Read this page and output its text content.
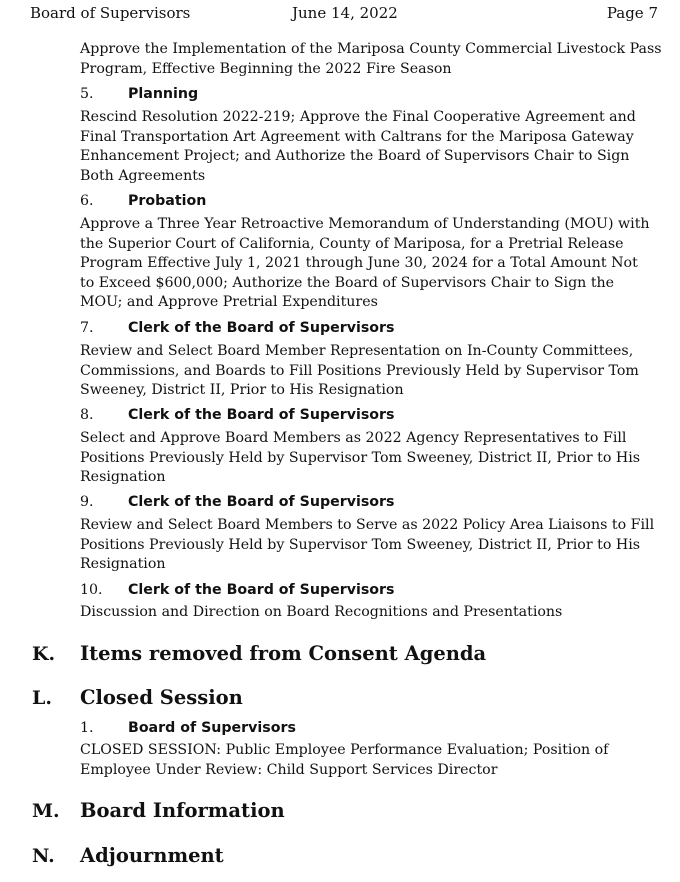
Board of Supervisors	June 14, 2022	Page 7
Approve the Implementation of the Mariposa County Commercial Livestock Pass
Program, Effective Beginning the 2022 Fire Season
5. Planning
Rescind Resolution 2022-219; Approve the Final Cooperative Agreement and
Final Transportation Art Agreement with Caltrans for the Mariposa Gateway
Enhancement Project; and Authorize the Board of Supervisors Chair to Sign
Both Agreements
6. Probation
Approve a Three Year Retroactive Memorandum of Understanding (MOU) with
the Superior Court of California, County of Mariposa, for a Pretrial Release
Program Effective July 1, 2021 through June 30, 2024 for a Total Amount Not
to Exceed $600,000; Authorize the Board of Supervisors Chair to Sign the
MOU; and Approve Pretrial Expenditures
7. Clerk of the Board of Supervisors
Review and Select Board Member Representation on In-County Committees,
Commissions, and Boards to Fill Positions Previously Held by Supervisor Tom
Sweeney, District II, Prior to His Resignation
8. Clerk of the Board of Supervisors
Select and Approve Board Members as 2022 Agency Representatives to Fill
Positions Previously Held by Supervisor Tom Sweeney, District II, Prior to His
Resignation
9. Clerk of the Board of Supervisors
Review and Select Board Members to Serve as 2022 Policy Area Liaisons to Fill
Positions Previously Held by Supervisor Tom Sweeney, District II, Prior to His
Resignation
10. Clerk of the Board of Supervisors
Discussion and Direction on Board Recognitions and Presentations
K. Items removed from Consent Agenda
L. Closed Session
1. Board of Supervisors
CLOSED SESSION: Public Employee Performance Evaluation; Position of
Employee Under Review: Child Support Services Director
M. Board Information
N. Adjournment
